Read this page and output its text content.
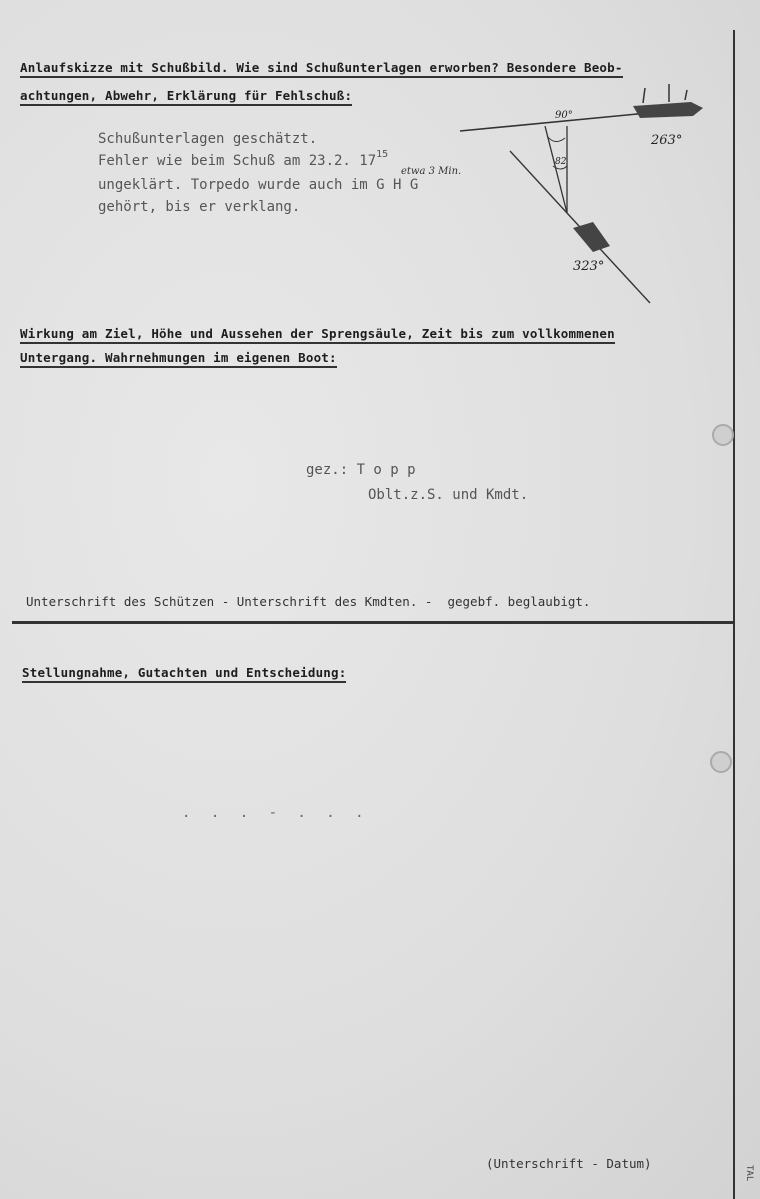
Anlaufskizze mit Schußbild. Wie sind Schußunterlagen erworben? Besondere Beob-
achtungen, Abwehr, Erklärung für Fehlschuß:
Schußunterlagen geschätzt.
Fehler wie beim Schuß am 23.2. $17^{15}$
ungeklärt. Torpedo wurde auch im G H G
gehört, bis er verklang.
etwa 3 Min.
90°
82
263°
323°
Wirkung am Ziel, Höhe und Aussehen der Sprengsäule, Zeit bis zum vollkommenen
Untergang. Wahrnehmungen im eigenen Boot:
gez.: T o p p
Oblt.z.S. und Kmdt.
Unterschrift des Schützen - Unterschrift des Kmdten. - gegebf. beglaubigt.
Stellungnahme, Gutachten und Entscheidung:
. . . - . . .
(Unterschrift - Datum)
TAL
